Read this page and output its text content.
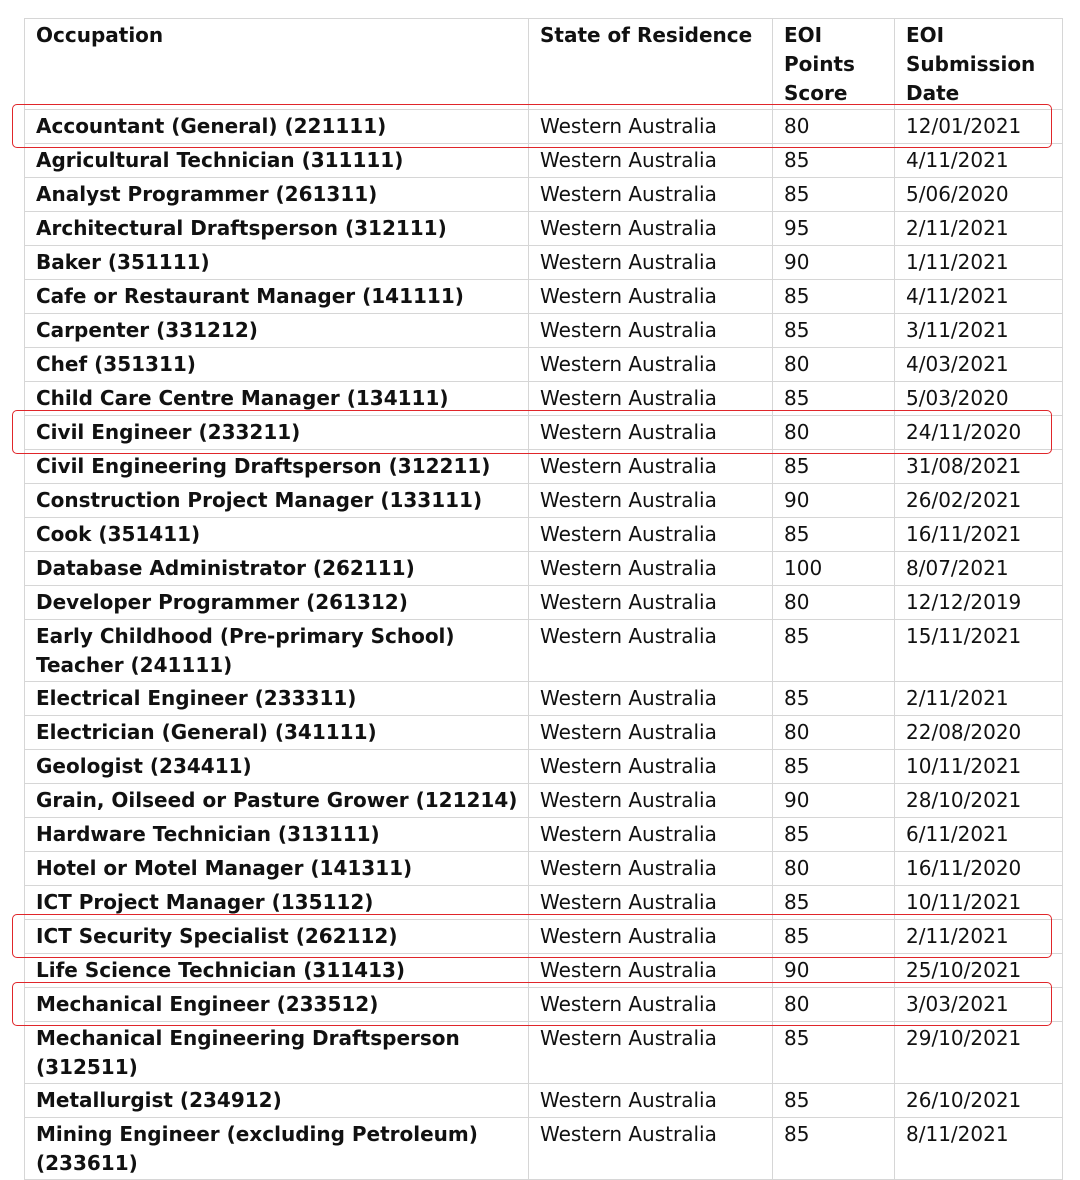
Occupation	State of Residence	EOI Points Score	EOI Submission Date
Accountant (General) (221111)	Western Australia	80	12/01/2021
Agricultural Technician (311111)	Western Australia	85	4/11/2021
Analyst Programmer (261311)	Western Australia	85	5/06/2020
Architectural Draftsperson (312111)	Western Australia	95	2/11/2021
Baker (351111)	Western Australia	90	1/11/2021
Cafe or Restaurant Manager (141111)	Western Australia	85	4/11/2021
Carpenter (331212)	Western Australia	85	3/11/2021
Chef (351311)	Western Australia	80	4/03/2021
Child Care Centre Manager (134111)	Western Australia	85	5/03/2020
Civil Engineer (233211)	Western Australia	80	24/11/2020
Civil Engineering Draftsperson (312211)	Western Australia	85	31/08/2021
Construction Project Manager (133111)	Western Australia	90	26/02/2021
Cook (351411)	Western Australia	85	16/11/2021
Database Administrator (262111)	Western Australia	100	8/07/2021
Developer Programmer (261312)	Western Australia	80	12/12/2019
Early Childhood (Pre-primary School) Teacher (241111)	Western Australia	85	15/11/2021
Electrical Engineer (233311)	Western Australia	85	2/11/2021
Electrician (General) (341111)	Western Australia	80	22/08/2020
Geologist (234411)	Western Australia	85	10/11/2021
Grain, Oilseed or Pasture Grower (121214)	Western Australia	90	28/10/2021
Hardware Technician (313111)	Western Australia	85	6/11/2021
Hotel or Motel Manager (141311)	Western Australia	80	16/11/2020
ICT Project Manager (135112)	Western Australia	85	10/11/2021
ICT Security Specialist (262112)	Western Australia	85	2/11/2021
Life Science Technician (311413)	Western Australia	90	25/10/2021
Mechanical Engineer (233512)	Western Australia	80	3/03/2021
Mechanical Engineering Draftsperson (312511)	Western Australia	85	29/10/2021
Metallurgist (234912)	Western Australia	85	26/10/2021
Mining Engineer (excluding Petroleum) (233611)	Western Australia	85	8/11/2021
